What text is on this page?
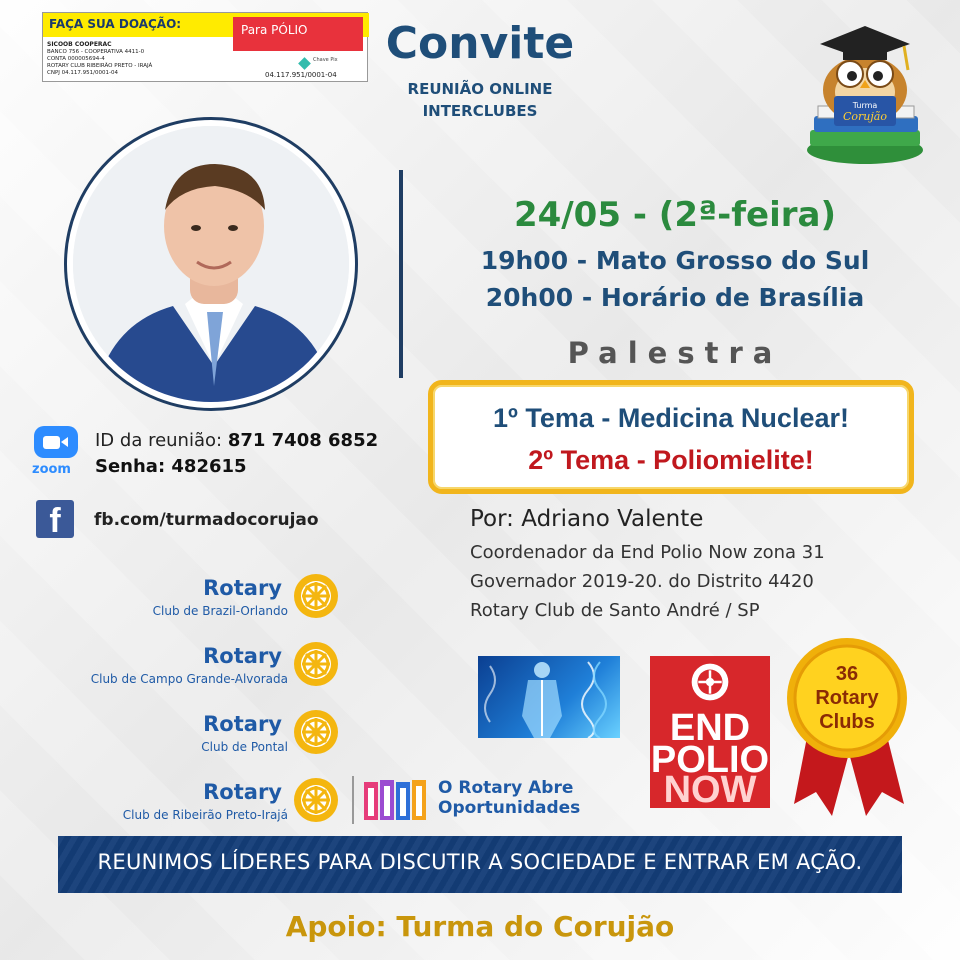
FAÇA SUA DOAÇÃO:	Para PÓLIO
SICOOB COOPERAC
BANCO 756 - COOPERATIVA 4411-0
CONTA 000005694-4
ROTARY CLUB RIBEIRÃO PRETO - IRAJÁ
CNPJ 04.117.951/0001-04
Chave Pix
04.117.951/0001-04
Convite
REUNIÃO ONLINE
INTERCLUBES	Turma
Corujão
24/05 - (2ª-feira)
19h00 - Mato Grosso do Sul
20h00 - Horário de Brasília
Palestra
1º Tema - Medicina Nuclear!
2º Tema - Poliomielite!
Por: Adriano Valente
Coordenador da End Polio Now zona 31
Governador 2019-20. do Distrito 4420
Rotary Club de Santo André / SP
zoom
ID da reunião: 871 7408 6852
Senha: 482615
f	fb.com/turmadocorujao
Rotary
Club de Brazil-Orlando
Rotary
Club de Campo Grande-Alvorada
Rotary
Club de Pontal
Rotary
Club de Ribeirão Preto-Irajá
O Rotary Abre
Oportunidades
END
POLIO
NOW
36
Rotary
Clubs
REUNIMOS LÍDERES PARA DISCUTIR A SOCIEDADE E ENTRAR EM AÇÃO.
Apoio: Turma do Corujão
